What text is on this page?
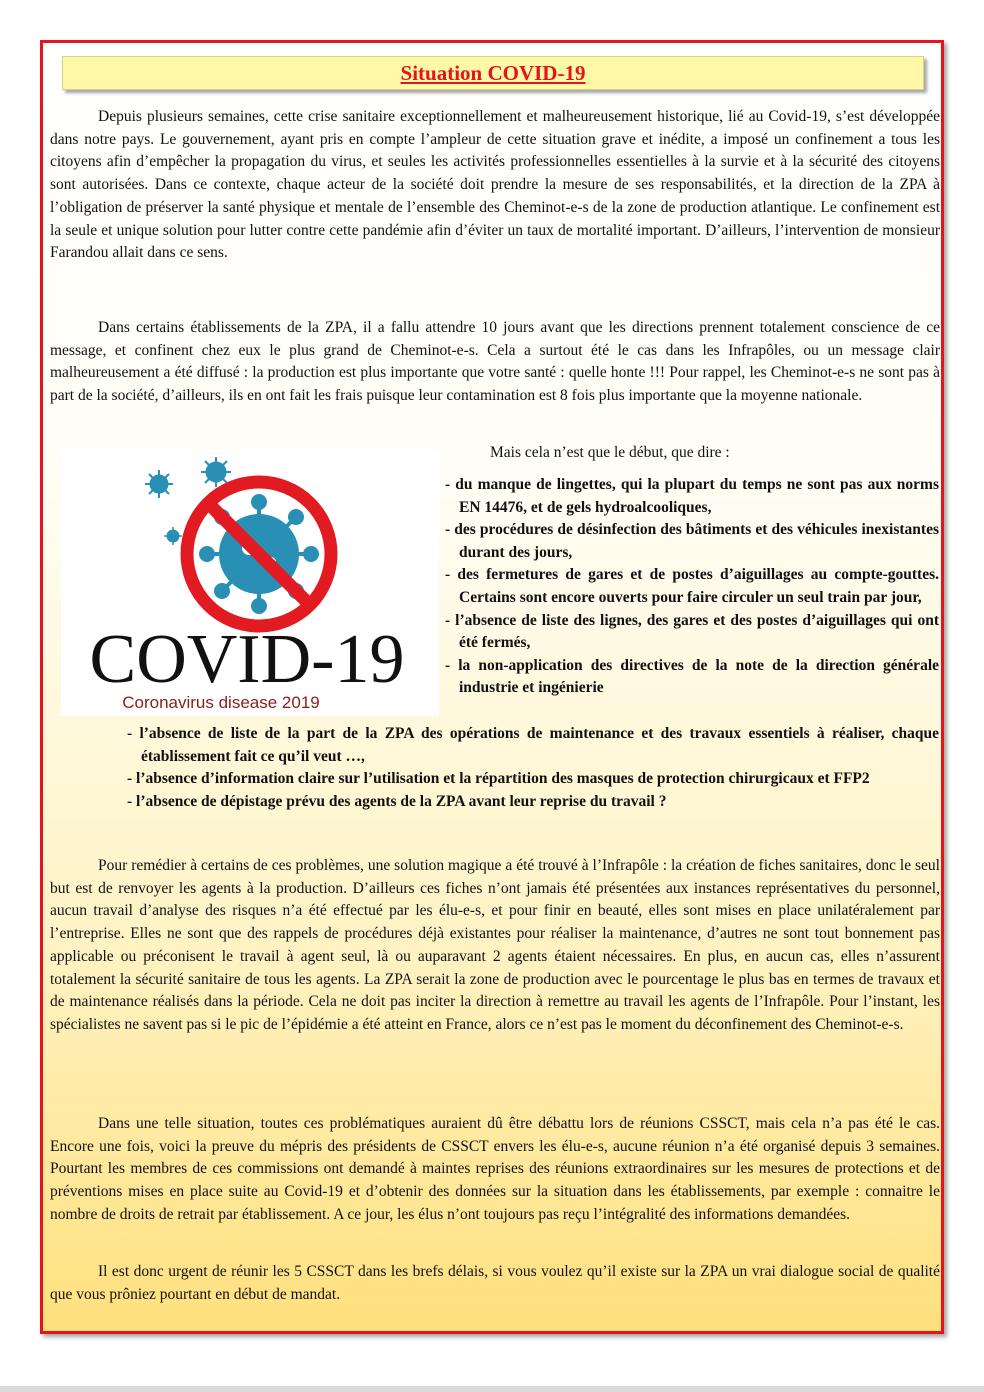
Situation COVID-19

Depuis plusieurs semaines, cette crise sanitaire exceptionnellement et malheureusement historique, lié au Covid-19, s’est développée dans notre pays. Le gouvernement, ayant pris en compte l’ampleur de cette situation grave et inédite, a imposé un confinement a tous les citoyens afin d’empêcher la propagation du virus, et seules les activités professionnelles essentielles à la survie et à la sécurité des citoyens sont autorisées. Dans ce contexte, chaque acteur de la société doit prendre la mesure de ses responsabilités, et la direction de la ZPA à l’obligation de préserver la santé physique et mentale de l’ensemble des Cheminot-e-s de la zone de production atlantique. Le confinement est la seule et unique solution pour lutter contre cette pandémie afin d’éviter un taux de mortalité important. D’ailleurs, l’intervention de monsieur Farandou allait dans ce sens.

Dans certains établissements de la ZPA, il a fallu attendre 10 jours avant que les directions prennent totalement conscience de ce message, et confinent chez eux le plus grand de Cheminot-e-s. Cela a surtout été le cas dans les Infrapôles, ou un message clair malheureusement a été diffusé : la production est plus importante que votre santé : quelle honte !!! Pour rappel, les Cheminot-e-s ne sont pas à part de la société, d’ailleurs, ils en ont fait les frais puisque leur contamination est 8 fois plus importante que la moyenne nationale.

COVID-19
Coronavirus disease 2019

Mais cela n’est que le début, que dire :

- du manque de lingettes, qui la plupart du temps ne sont pas aux norms EN 14476, et de gels hydroalcooliques,
- des procédures de désinfection des bâtiments et des véhicules inexistantes durant des jours,
- des fermetures de gares et de postes d’aiguillages au compte-gouttes. Certains sont encore ouverts pour faire circuler un seul train par jour,
- l’absence de liste des lignes, des gares et des postes d’aiguillages qui ont été fermés,
- la non-application des directives de la note de la direction générale industrie et ingénierie
- l’absence de liste de la part de la ZPA des opérations de maintenance et des travaux essentiels à réaliser, chaque établissement fait ce qu’il veut …,
- l’absence d’information claire sur l’utilisation et la répartition des masques de protection chirurgicaux et FFP2
- l’absence de dépistage prévu des agents de la ZPA avant leur reprise du travail ?

Pour remédier à certains de ces problèmes, une solution magique a été trouvé à l’Infrapôle : la création de fiches sanitaires, donc le seul but est de renvoyer les agents à la production. D’ailleurs ces fiches n’ont jamais été présentées aux instances représentatives du personnel, aucun travail d’analyse des risques n’a été effectué par les élu-e-s, et pour finir en beauté, elles sont mises en place unilatéralement par l’entreprise. Elles ne sont que des rappels de procédures déjà existantes pour réaliser la maintenance, d’autres ne sont tout bonnement pas applicable ou préconisent le travail à agent seul, là ou auparavant 2 agents étaient nécessaires. En plus, en aucun cas, elles n’assurent totalement la sécurité sanitaire de tous les agents. La ZPA serait la zone de production avec le pourcentage le plus bas en termes de travaux et de maintenance réalisés dans la période. Cela ne doit pas inciter la direction à remettre au travail les agents de l’Infrapôle. Pour l’instant, les spécialistes ne savent pas si le pic de l’épidémie a été atteint en France, alors ce n’est pas le moment du déconfinement des Cheminot-e-s.

Dans une telle situation, toutes ces problématiques auraient dû être débattu lors de réunions CSSCT, mais cela n’a pas été le cas. Encore une fois, voici la preuve du mépris des présidents de CSSCT envers les élu-e-s, aucune réunion n’a été organisé depuis 3 semaines. Pourtant les membres de ces commissions ont demandé à maintes reprises des réunions extraordinaires sur les mesures de protections et de préventions mises en place suite au Covid-19 et d’obtenir des données sur la situation dans les établissements, par exemple : connaitre le nombre de droits de retrait par établissement. A ce jour, les élus n’ont toujours pas reçu l’intégralité des informations demandées.

Il est donc urgent de réunir les 5 CSSCT dans les brefs délais, si vous voulez qu’il existe sur la ZPA un vrai dialogue social de qualité que vous prôniez pourtant en début de mandat.
